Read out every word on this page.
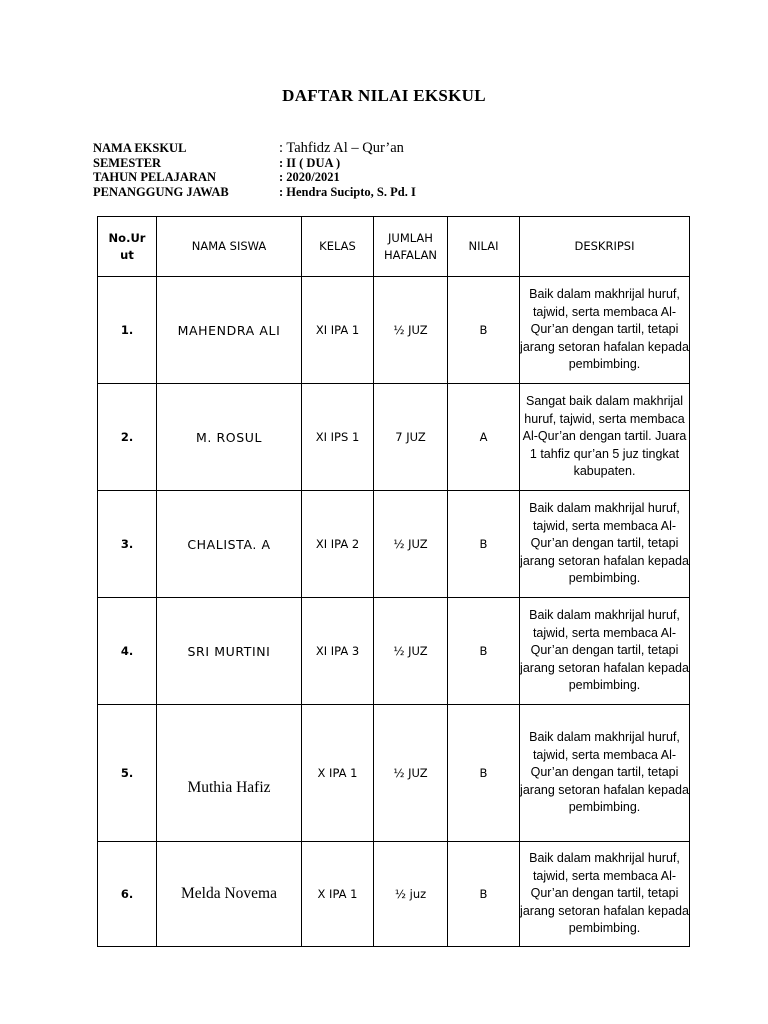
DAFTAR NILAI EKSKUL
NAMA EKSKUL	: Tahfidz Al – Qur’an
SEMESTER	: II ( DUA )
TAHUN PELAJARAN	: 2020/2021
PENANGGUNG JAWAB	: Hendra Sucipto, S. Pd. I
No.Urut	NAMA SISWA	KELAS	JUMLAH HAFALAN	NILAI	DESKRIPSI
1.	MAHENDRA ALI	XI IPA 1	½ JUZ	B	Baik dalam makhrijal huruf, tajwid, serta membaca Al- Qur’an dengan tartil, tetapi jarang setoran hafalan kepada pembimbing.
2.	M. ROSUL	XI IPS 1	7 JUZ	A	Sangat baik dalam makhrijal huruf, tajwid, serta membaca Al-Qur’an dengan tartil. Juara 1 tahfiz qur’an 5 juz tingkat kabupaten.
3.	CHALISTA. A	XI IPA 2	½ JUZ	B	Baik dalam makhrijal huruf, tajwid, serta membaca Al- Qur’an dengan tartil, tetapi jarang setoran hafalan kepada pembimbing.
4.	SRI MURTINI	XI IPA 3	½ JUZ	B	Baik dalam makhrijal huruf, tajwid, serta membaca Al- Qur’an dengan tartil, tetapi jarang setoran hafalan kepada pembimbing.
5.	Muthia Hafiz	X IPA 1	½ JUZ	B	Baik dalam makhrijal huruf, tajwid, serta membaca Al- Qur’an dengan tartil, tetapi jarang setoran hafalan kepada pembimbing.
6.	Melda Novema	X IPA 1	½ juz	B	Baik dalam makhrijal huruf, tajwid, serta membaca Al- Qur’an dengan tartil, tetapi jarang setoran hafalan kepada pembimbing.
